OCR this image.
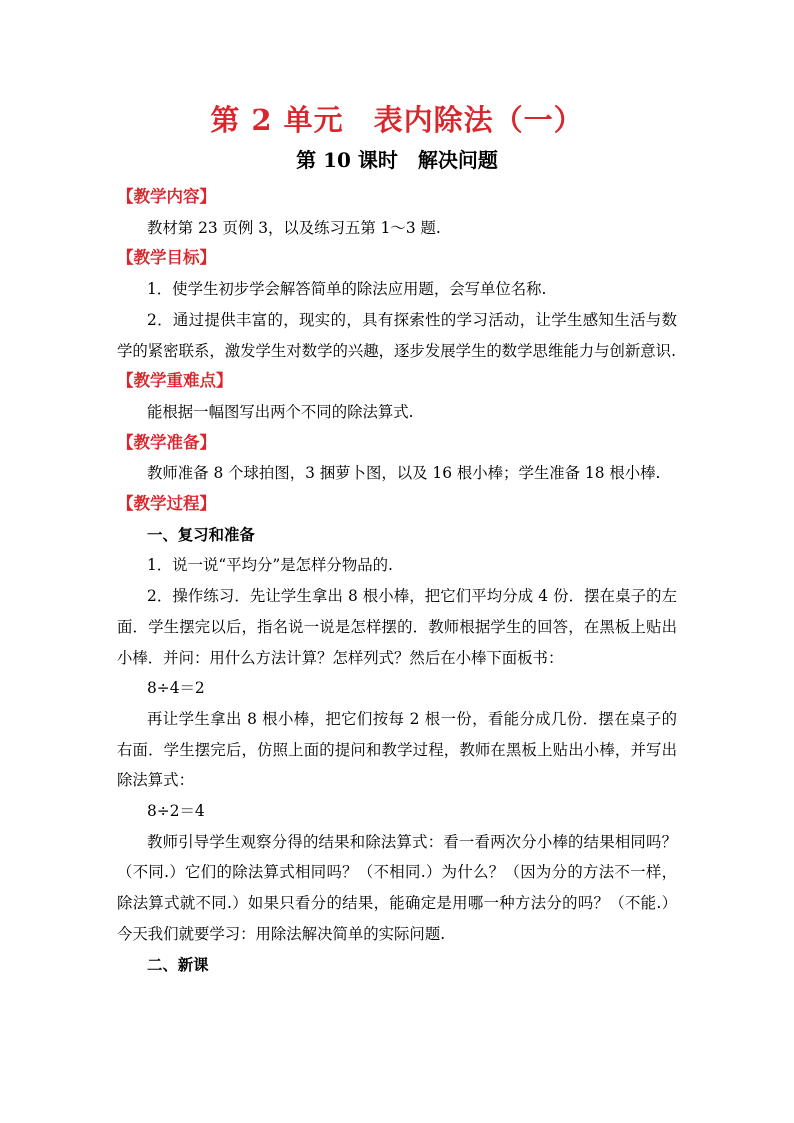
第 2 单元　表内除法（一）
第 10 课时　解决问题

【教学内容】

教材第 23 页例 3，以及练习五第 1～3 题.

【教学目标】

1．使学生初步学会解答简单的除法应用题，会写单位名称.

2．通过提供丰富的，现实的，具有探索性的学习活动，让学生感知生活与数学的紧密联系，激发学生对数学的兴趣，逐步发展学生的数学思维能力与创新意识.

【教学重难点】

能根据一幅图写出两个不同的除法算式.

【教学准备】

教师准备 8 个球拍图，3 捆萝卜图，以及 16 根小棒；学生准备 18 根小棒.

【教学过程】

一、复习和准备

1．说一说“平均分”是怎样分物品的.

2．操作练习．先让学生拿出 8 根小棒，把它们平均分成 4 份．摆在桌子的左面．学生摆完以后，指名说一说是怎样摆的．教师根据学生的回答，在黑板上贴出小棒．并问：用什么方法计算？怎样列式？然后在小棒下面板书：

8÷4＝2

再让学生拿出 8 根小棒，把它们按每 2 根一份，看能分成几份．摆在桌子的右面．学生摆完后，仿照上面的提问和教学过程，教师在黑板上贴出小棒，并写出除法算式：

8÷2＝4

教师引导学生观察分得的结果和除法算式：看一看两次分小棒的结果相同吗？（不同.）它们的除法算式相同吗？（不相同.）为什么？（因为分的方法不一样，除法算式就不同.）如果只看分的结果，能确定是用哪一种方法分的吗？（不能.）今天我们就要学习：用除法解决简单的实际问题.

二、新课
